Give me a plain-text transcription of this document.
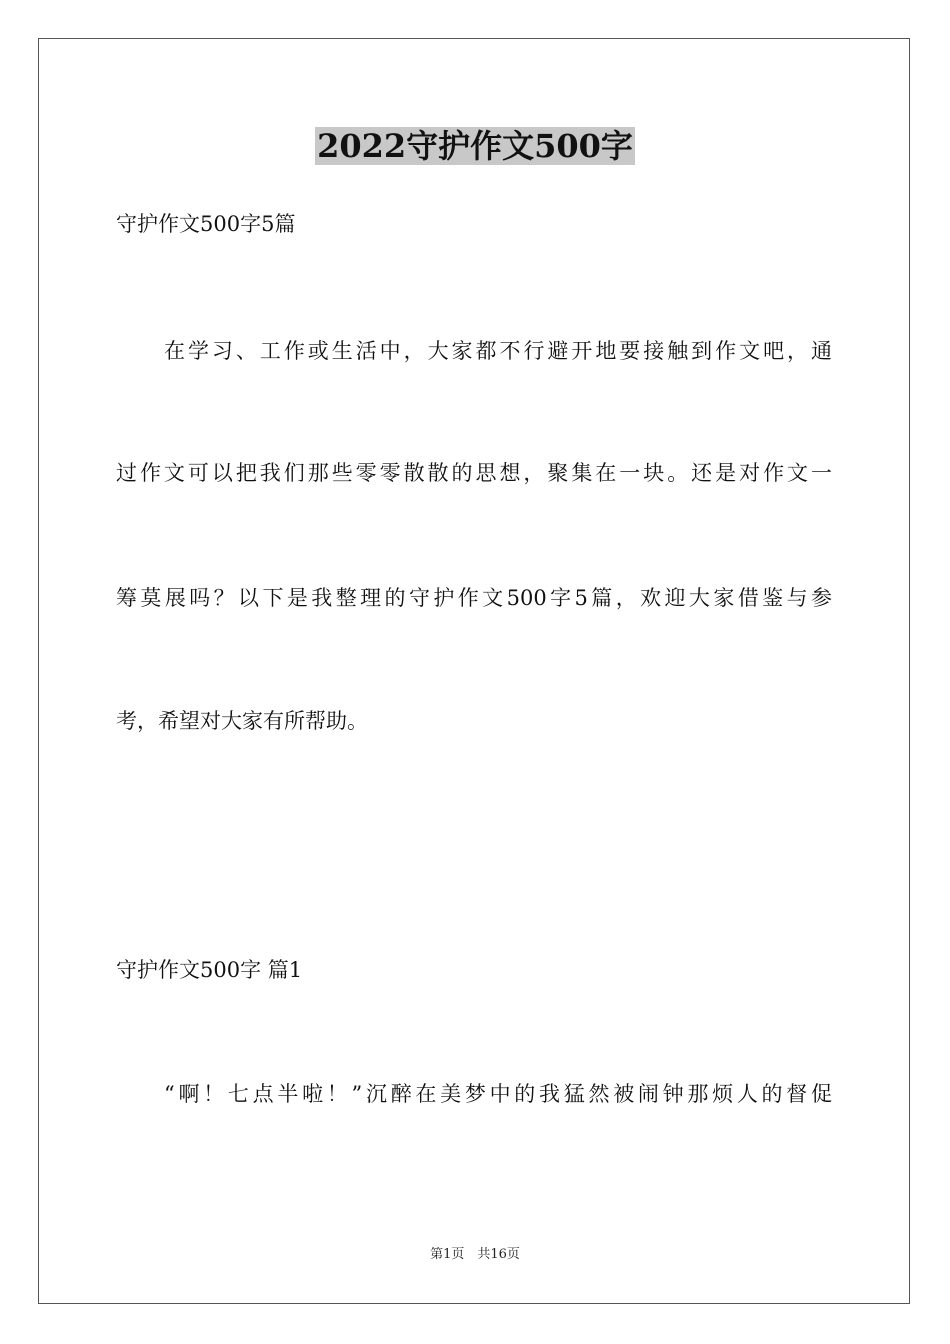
2022守护作文500字
守护作文500字5篇
在学习、工作或生活中，大家都不行避开地要接触到作文吧，通
过作文可以把我们那些零零散散的思想，聚集在一块。还是对作文一
筹莫展吗？以下是我整理的守护作文500字5篇，欢迎大家借鉴与参
考，希望对大家有所帮助。
守护作文500字 篇1
“啊！七点半啦！”沉醉在美梦中的我猛然被闹钟那烦人的督促
第1页　共16页
